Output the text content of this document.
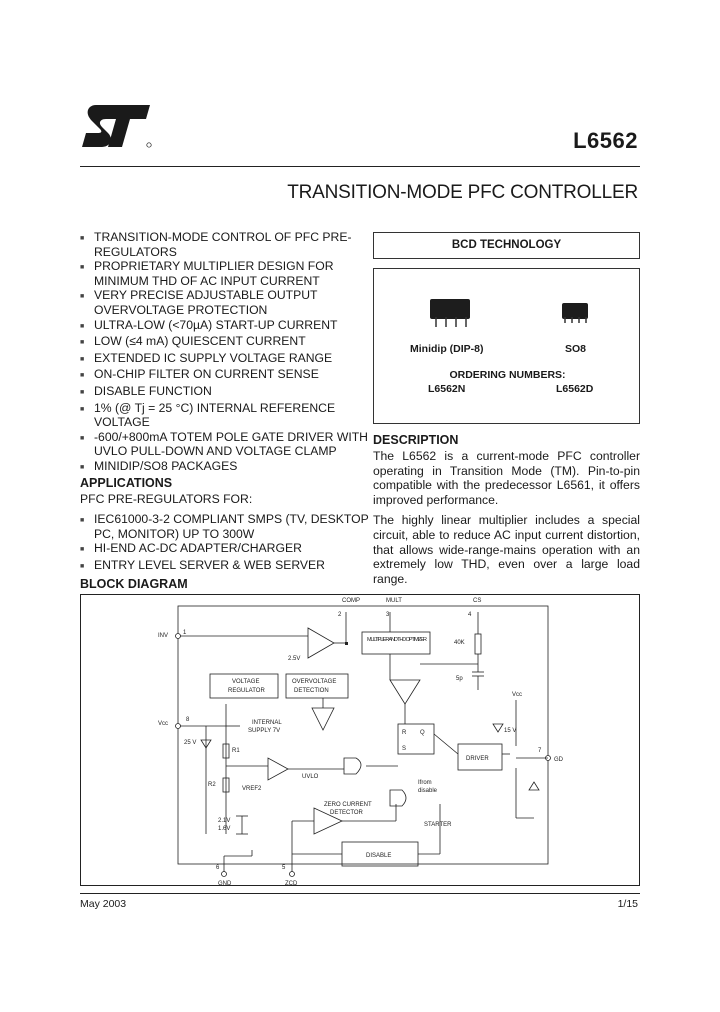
L6562
TRANSITION-MODE PFC CONTROLLER
■ TRANSITION-MODE CONTROL OF PFC PRE-REGULATORS
■ PROPRIETARY MULTIPLIER DESIGN FOR MINIMUM THD OF AC INPUT CURRENT
■ VERY PRECISE ADJUSTABLE OUTPUT OVERVOLTAGE PROTECTION
■ ULTRA-LOW (<70µA) START-UP CURRENT
■ LOW (≤4 mA) QUIESCENT CURRENT
■ EXTENDED IC SUPPLY VOLTAGE RANGE
■ ON-CHIP FILTER ON CURRENT SENSE
■ DISABLE FUNCTION
■ 1% (@ Tj = 25 °C) INTERNAL REFERENCE VOLTAGE
■ -600/+800mA TOTEM POLE GATE DRIVER WITH UVLO PULL-DOWN AND VOLTAGE CLAMP
■ MINIDIP/SO8 PACKAGES
APPLICATIONS
PFC PRE-REGULATORS FOR:
■ IEC61000-3-2 COMPLIANT SMPS (TV, DESKTOP PC, MONITOR) UP TO 300W
■ HI-END AC-DC ADAPTER/CHARGER
■ ENTRY LEVEL SERVER & WEB SERVER
BCD TECHNOLOGY
Minidip (DIP-8)	SO8
ORDERING NUMBERS:
L6562N	L6562D
DESCRIPTION

The L6562 is a current-mode PFC controller operating in Transition Mode (TM). Pin-to-pin compatible with the predecessor L6561, it offers improved performance.

The highly linear multiplier includes a special circuit, able to reduce AC input current distortion, that allows wide-range-mains operation with an extremely low THD, even over a large load range.

BLOCK DIAGRAM
COMP
2
MULT
3
CS
4
INV 1
Vcc
8
GD
7
6
GND
5
ZCD
2.5V
MULTIPLIER AND THD OPTIMIZER	40K
5p
VOLTAGE
REGULATOR
OVERVOLTAGE
DETECTION
INTERNAL
SUPPLY 7V
25 V
R1
R2
VREF2
UVLO
R
S
Q
DRIVER
Vcc
15 V
ZERO CURRENT
DETECTOR
STARTER
Ifrom
disable
2.1V
1.6V
DISABLE
May 2003	1/15
